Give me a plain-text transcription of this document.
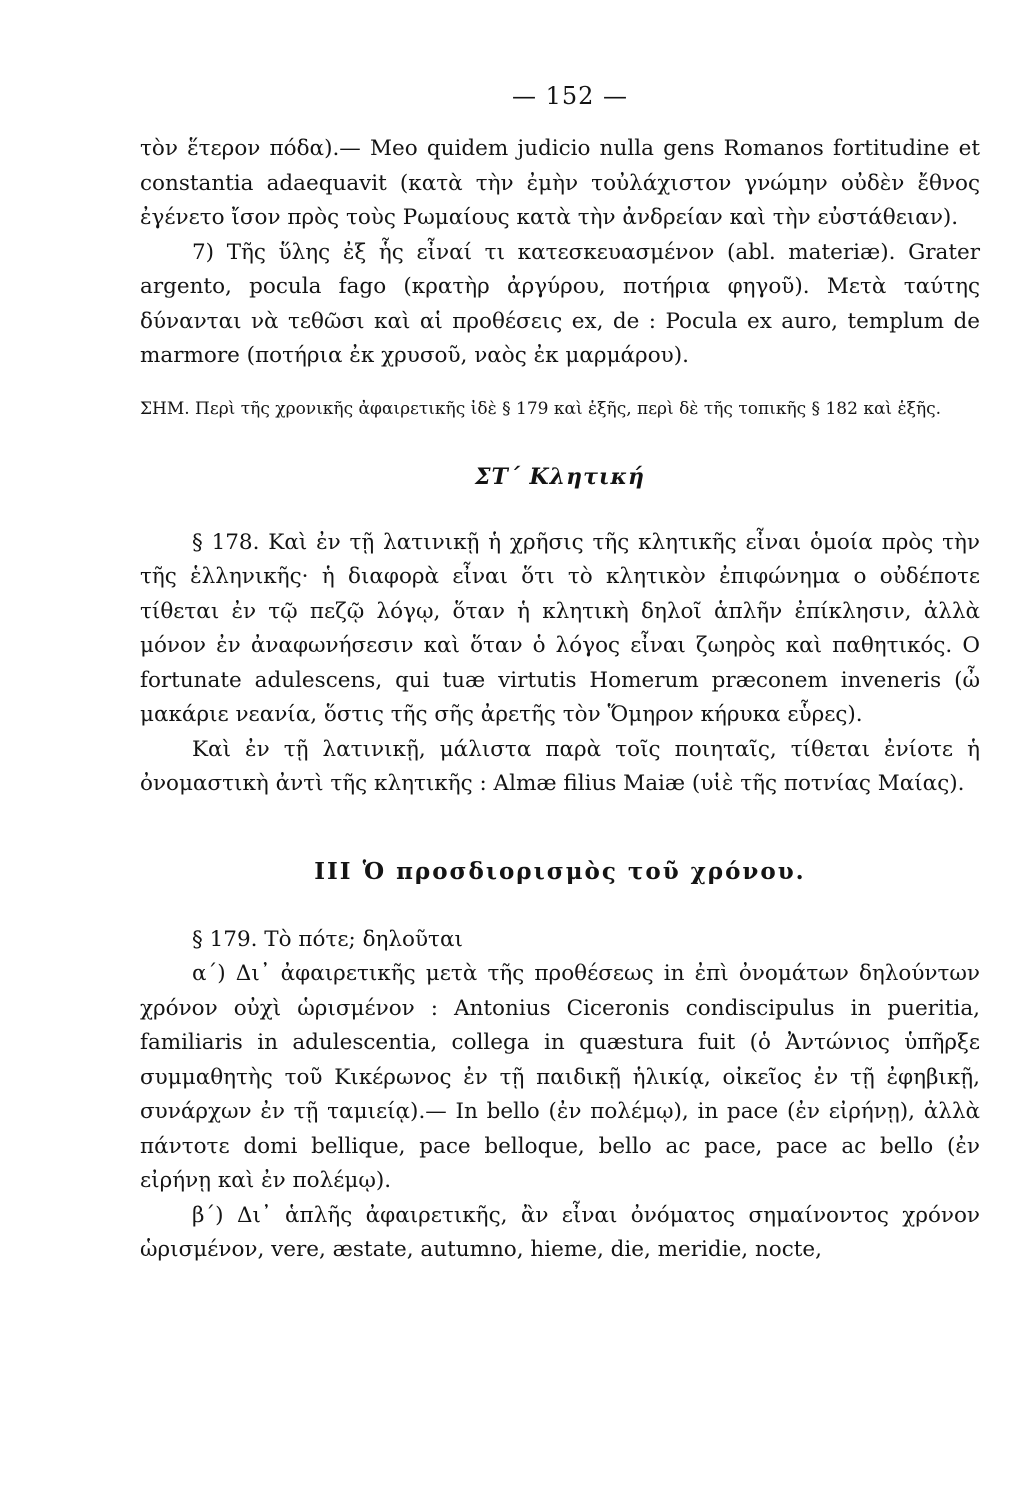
— 152 —

τὸν ἕτερον πόδα).— Meo quidem judicio nulla gens Romanos fortitudine et constantia adaequavit (κατὰ τὴν ἐμὴν τοὐλάχιστον γνώμην οὐδὲν ἔθνος ἐγένετο ἴσον πρὸς τοὺς Ρωμαίους κατὰ τὴν ἀνδρείαν καὶ τὴν εὐστάθειαν).

7) Τῆς ὕλης ἐξ ἧς εἶναί τι κατεσκευασμένον (abl. materiæ). Grater argento, pocula fago (κρατὴρ ἀργύρου, ποτήρια φηγοῦ). Μετὰ ταύτης δύνανται νὰ τεθῶσι καὶ αἱ προθέσεις ex, de : Pocula ex auro, templum de marmore (ποτήρια ἐκ χρυσοῦ, ναὸς ἐκ μαρμάρου).

ΣΗΜ. Περὶ τῆς χρονικῆς ἀφαιρετικῆς ἰδὲ § 179 καὶ ἑξῆς, περὶ δὲ τῆς τοπικῆς § 182 καὶ ἑξῆς.

ΣΤ´ Κλητική

§ 178. Καὶ ἐν τῇ λατινικῇ ἡ χρῆσις τῆς κλητικῆς εἶναι ὁμοία πρὸς τὴν τῆς ἑλληνικῆς· ἡ διαφορὰ εἶναι ὅτι τὸ κλητικὸν ἐπιφώνημα ο οὐδέποτε τίθεται ἐν τῷ πεζῷ λόγῳ, ὅταν ἡ κλητικὴ δηλοῖ ἁπλῆν ἐπίκλησιν, ἀλλὰ μόνον ἐν ἀναφωνήσεσιν καὶ ὅταν ὁ λόγος εἶναι ζωηρὸς καὶ παθητικός. O fortunate adulescens, qui tuæ virtutis Homerum præconem inveneris (ὦ μακάριε νεανία, ὅστις τῆς σῆς ἀρετῆς τὸν Ὅμηρον κήρυκα εὗρες).

Καὶ ἐν τῇ λατινικῇ, μάλιστα παρὰ τοῖς ποιηταῖς, τίθεται ἐνίοτε ἡ ὀνομαστικὴ ἀντὶ τῆς κλητικῆς : Almæ filius Maiæ (υἱὲ τῆς ποτνίας Μαίας).

III Ὁ προσδιορισμὸς τοῦ χρόνου.

§ 179. Τὸ πότε; δηλοῦται

α´) Δι᾽ ἀφαιρετικῆς μετὰ τῆς προθέσεως in ἐπὶ ὀνομάτων δηλούντων χρόνον οὐχὶ ὡρισμένον : Antonius Ciceronis condiscipulus in pueritia, familiaris in adulescentia, collega in quæstura fuit (ὁ Ἀντώνιος ὑπῆρξε συμμαθητὴς τοῦ Κικέρωνος ἐν τῇ παιδικῇ ἡλικίᾳ, οἰκεῖος ἐν τῇ ἐφηβικῇ, συνάρχων ἐν τῇ ταμιείᾳ).— In bello (ἐν πολέμῳ), in pace (ἐν εἰρήνῃ), ἀλλὰ πάντοτε domi bellique, pace belloque, bello ac pace, pace ac bello (ἐν εἰρήνῃ καὶ ἐν πολέμῳ).

β´) Δι᾽ ἁπλῆς ἀφαιρετικῆς, ἂν εἶναι ὀνόματος σημαίνοντος χρόνον ὡρισμένον, vere, æstate, autumno, hieme, die, meridie, nocte,
